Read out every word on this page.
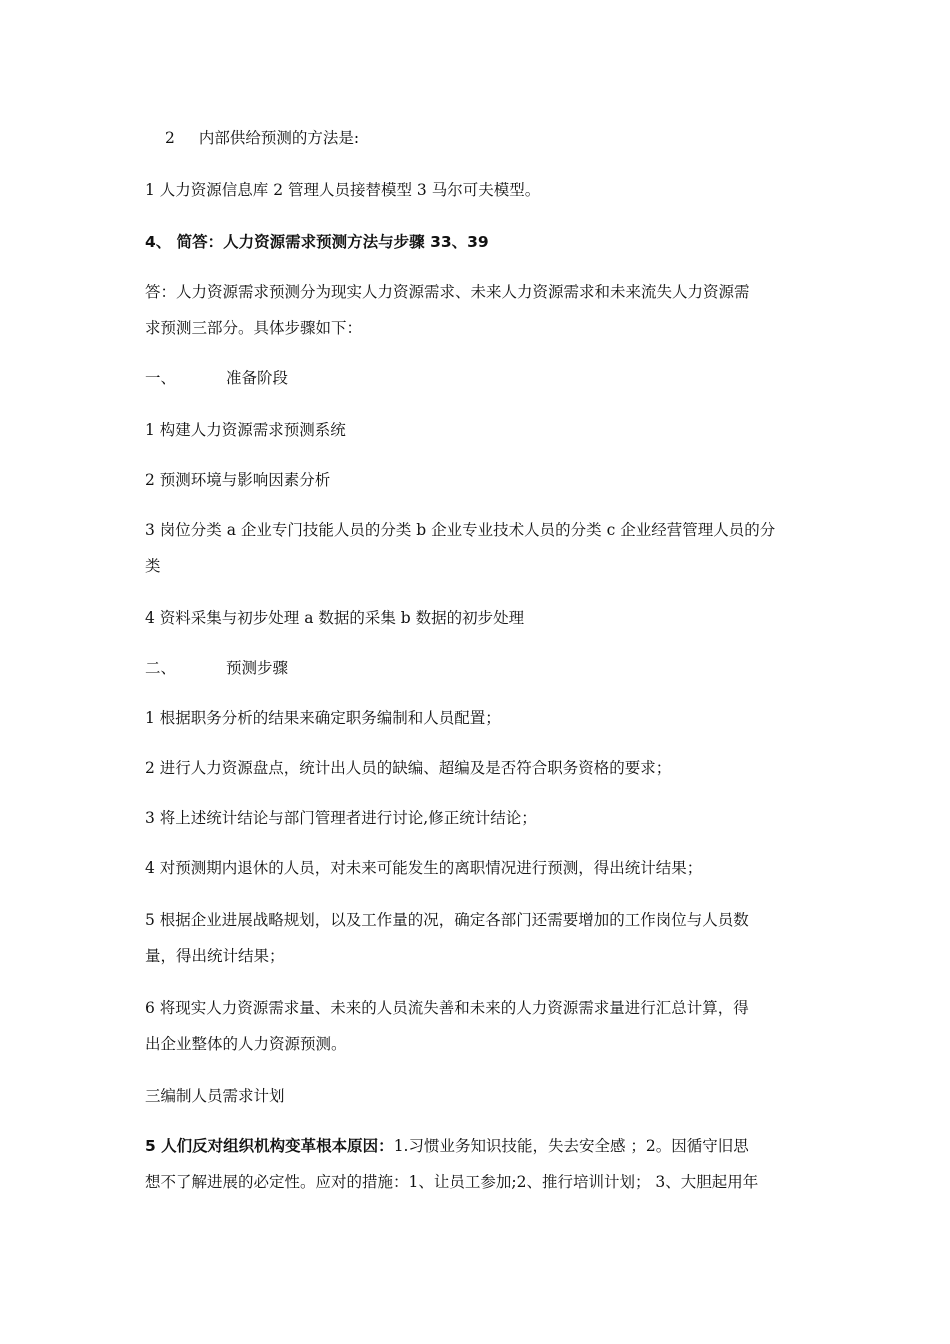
2 内部供给预测的方法是:
1 人力资源信息库 2 管理人员接替模型 3 马尔可夫模型。
4、 简答：人力资源需求预测方法与步骤 33、39
答：人力资源需求预测分为现实人力资源需求、未来人力资源需求和未来流失人力资源需
求预测三部分。具体步骤如下：
一、	准备阶段
1 构建人力资源需求预测系统
2 预测环境与影响因素分析
3 岗位分类 a 企业专门技能人员的分类 b 企业专业技术人员的分类 c 企业经营管理人员的分
类
4 资料采集与初步处理 a 数据的采集 b 数据的初步处理
二、	预测步骤
1 根据职务分析的结果来确定职务编制和人员配置；
2 进行人力资源盘点，统计出人员的缺编、超编及是否符合职务资格的要求；
3 将上述统计结论与部门管理者进行讨论,修正统计结论；
4 对预测期内退休的人员，对未来可能发生的离职情况进行预测，得出统计结果；
5 根据企业进展战略规划，以及工作量的况，确定各部门还需要增加的工作岗位与人员数
量，得出统计结果；
6 将现实人力资源需求量、未来的人员流失善和未来的人力资源需求量进行汇总计算，得
出企业整体的人力资源预测。
三编制人员需求计划
5 人们反对组织机构变革根本原因：1.习惯业务知识技能，失去安全感 ；2。因循守旧思
想不了解进展的必定性。应对的措施：1、让员工参加;2、推行培训计划； 3、大胆起用年
